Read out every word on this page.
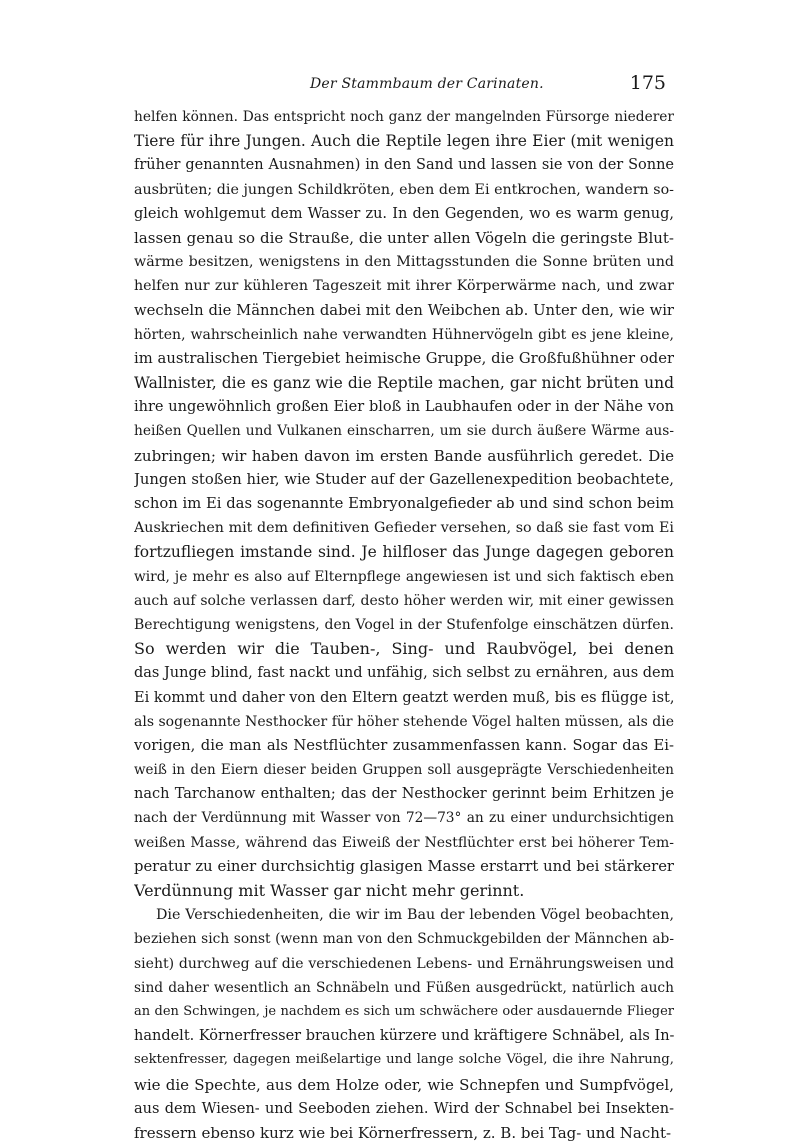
Der Stammbaum der Carinaten.	175
helfen können. Das entspricht noch ganz der mangelnden Fürsorge niederer
Tiere für ihre Jungen. Auch die Reptile legen ihre Eier (mit wenigen
früher genannten Ausnahmen) in den Sand und lassen sie von der Sonne
ausbrüten; die jungen Schildkröten, eben dem Ei entkrochen, wandern so-
gleich wohlgemut dem Wasser zu. In den Gegenden, wo es warm genug,
lassen genau so die Strauße, die unter allen Vögeln die geringste Blut-
wärme besitzen, wenigstens in den Mittagsstunden die Sonne brüten und
helfen nur zur kühleren Tageszeit mit ihrer Körperwärme nach, und zwar
wechseln die Männchen dabei mit den Weibchen ab. Unter den, wie wir
hörten, wahrscheinlich nahe verwandten Hühnervögeln gibt es jene kleine,
im australischen Tiergebiet heimische Gruppe, die Großfußhühner oder
Wallnister, die es ganz wie die Reptile machen, gar nicht brüten und
ihre ungewöhnlich großen Eier bloß in Laubhaufen oder in der Nähe von
heißen Quellen und Vulkanen einscharren, um sie durch äußere Wärme aus-
zubringen; wir haben davon im ersten Bande ausführlich geredet. Die
Jungen stoßen hier, wie Studer auf der Gazellenexpedition beobachtete,
schon im Ei das sogenannte Embryonalgefieder ab und sind schon beim
Auskriechen mit dem definitiven Gefieder versehen, so daß sie fast vom Ei
fortzufliegen imstande sind. Je hilfloser das Junge dagegen geboren
wird, je mehr es also auf Elternpflege angewiesen ist und sich faktisch eben
auch auf solche verlassen darf, desto höher werden wir, mit einer gewissen
Berechtigung wenigstens, den Vogel in der Stufenfolge einschätzen dürfen.
So werden wir die Tauben-, Sing- und Raubvögel, bei denen
das Junge blind, fast nackt und unfähig, sich selbst zu ernähren, aus dem
Ei kommt und daher von den Eltern geatzt werden muß, bis es flügge ist,
als sogenannte Nesthocker für höher stehende Vögel halten müssen, als die
vorigen, die man als Nestflüchter zusammenfassen kann. Sogar das Ei-
weiß in den Eiern dieser beiden Gruppen soll ausgeprägte Verschiedenheiten
nach Tarchanow enthalten; das der Nesthocker gerinnt beim Erhitzen je
nach der Verdünnung mit Wasser von 72—73° an zu einer undurchsichtigen
weißen Masse, während das Eiweiß der Nestflüchter erst bei höherer Tem-
peratur zu einer durchsichtig glasigen Masse erstarrt und bei stärkerer
Verdünnung mit Wasser gar nicht mehr gerinnt.
Die Verschiedenheiten, die wir im Bau der lebenden Vögel beobachten,
beziehen sich sonst (wenn man von den Schmuckgebilden der Männchen ab-
sieht) durchweg auf die verschiedenen Lebens- und Ernährungsweisen und
sind daher wesentlich an Schnäbeln und Füßen ausgedrückt, natürlich auch
an den Schwingen, je nachdem es sich um schwächere oder ausdauernde Flieger
handelt. Körnerfresser brauchen kürzere und kräftigere Schnäbel, als In-
sektenfresser, dagegen meißelartige und lange solche Vögel, die ihre Nahrung,
wie die Spechte, aus dem Holze oder, wie Schnepfen und Sumpfvögel,
aus dem Wiesen- und Seeboden ziehen. Wird der Schnabel bei Insekten-
fressern ebenso kurz wie bei Körnerfressern, z. B. bei Tag- und Nacht-
